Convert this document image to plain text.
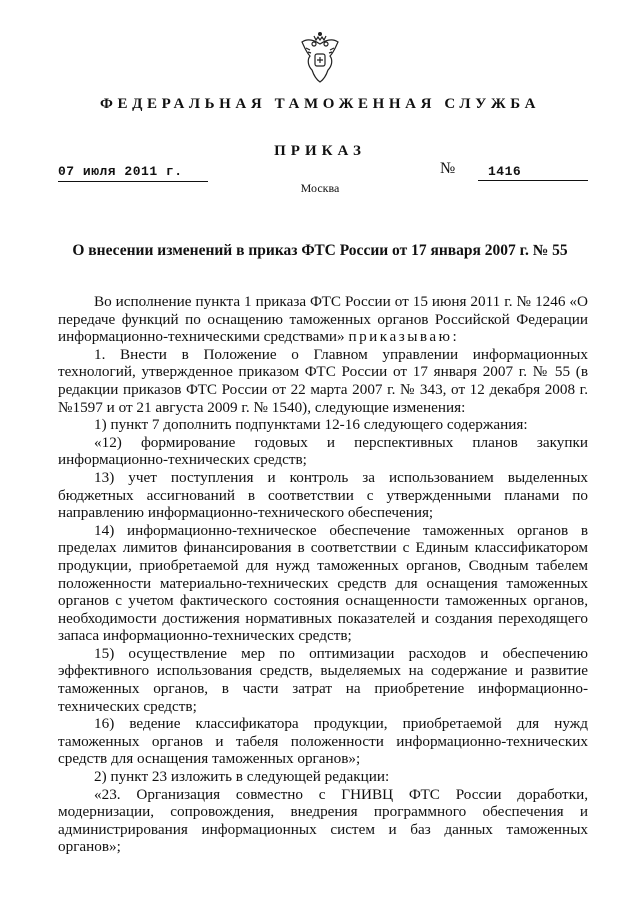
ФЕДЕРАЛЬНАЯ ТАМОЖЕННАЯ СЛУЖБА
ПРИКАЗ
07 июля 2011 г.	№	1416
Москва
О внесении изменений в приказ ФТС России от 17 января 2007 г. № 55

Во исполнение пункта 1 приказа ФТС России от 15 июня 2011 г. № 1246 «О передаче функций по оснащению таможенных органов Российской Федерации информационно-техническими средствами» приказываю:

1. Внести в Положение о Главном управлении информационных технологий, утвержденное приказом ФТС России от 17 января 2007 г. № 55 (в редакции приказов ФТС России от 22 марта 2007 г. № 343, от 12 декабря 2008 г. №1597 и от 21 августа 2009 г. № 1540), следующие изменения:

1) пункт 7 дополнить подпунктами 12-16 следующего содержания:

«12) формирование годовых и перспективных планов закупки информационно-технических средств;

13) учет поступления и контроль за использованием выделенных бюджетных ассигнований в соответствии с утвержденными планами по направлению информационно-технического обеспечения;

14) информационно-техническое обеспечение таможенных органов в пределах лимитов финансирования в соответствии с Единым классификатором продукции, приобретаемой для нужд таможенных органов, Сводным табелем положенности материально-технических средств для оснащения таможенных органов с учетом фактического состояния оснащенности таможенных органов, необходимости достижения нормативных показателей и создания переходящего запаса информационно-технических средств;

15) осуществление мер по оптимизации расходов и обеспечению эффективного использования средств, выделяемых на содержание и развитие таможенных органов, в части затрат на приобретение информационно-технических средств;

16) ведение классификатора продукции, приобретаемой для нужд таможенных органов и табеля положенности информационно-технических средств для оснащения таможенных органов»;

2) пункт 23 изложить в следующей редакции:

«23. Организация совместно с ГНИВЦ ФТС России доработки, модернизации, сопровождения, внедрения программного обеспечения и администрирования информационных систем и баз данных таможенных органов»;
